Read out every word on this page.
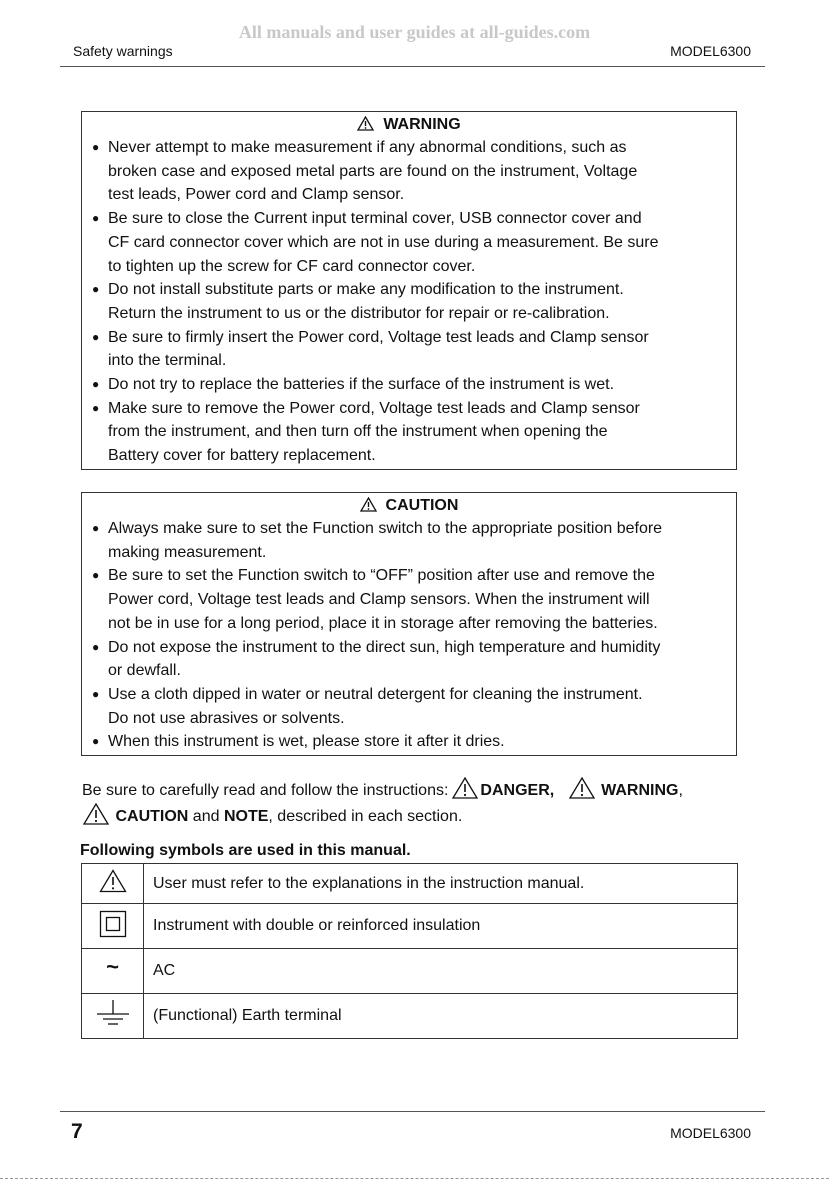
All manuals and user guides at all-guides.com
Safety warnings	MODEL6300
WARNING
● Never attempt to make measurement if any abnormal conditions, such as
broken case and exposed metal parts are found on the instrument, Voltage
test leads, Power cord and Clamp sensor.
● Be sure to close the Current input terminal cover, USB connector cover and
CF card connector cover which are not in use during a measurement. Be sure
to tighten up the screw for CF card connector cover.
● Do not install substitute parts or make any modification to the instrument.
Return the instrument to us or the distributor for repair or re-calibration.
● Be sure to firmly insert the Power cord, Voltage test leads and Clamp sensor
into the terminal.
● Do not try to replace the batteries if the surface of the instrument is wet.
● Make sure to remove the Power cord, Voltage test leads and Clamp sensor
from the instrument, and then turn off the instrument when opening the
Battery cover for battery replacement.
CAUTION
● Always make sure to set the Function switch to the appropriate position before
making measurement.
● Be sure to set the Function switch to “OFF” position after use and remove the
Power cord, Voltage test leads and Clamp sensors. When the instrument will
not be in use for a long period, place it in storage after removing the batteries.
● Do not expose the instrument to the direct sun, high temperature and humidity
or dewfall.
● Use a cloth dipped in water or neutral detergent for cleaning the instrument.
Do not use abrasives or solvents.
● When this instrument is wet, please store it after it dries.
Be sure to carefully read and follow the instructions: DANGER,	WARNING,
CAUTION and NOTE, described in each section.
Following symbols are used in this manual.
	User must refer to the explanations in the instruction manual.
	Instrument with double or reinforced insulation
~	AC
	(Functional) Earth terminal
7	MODEL6300
